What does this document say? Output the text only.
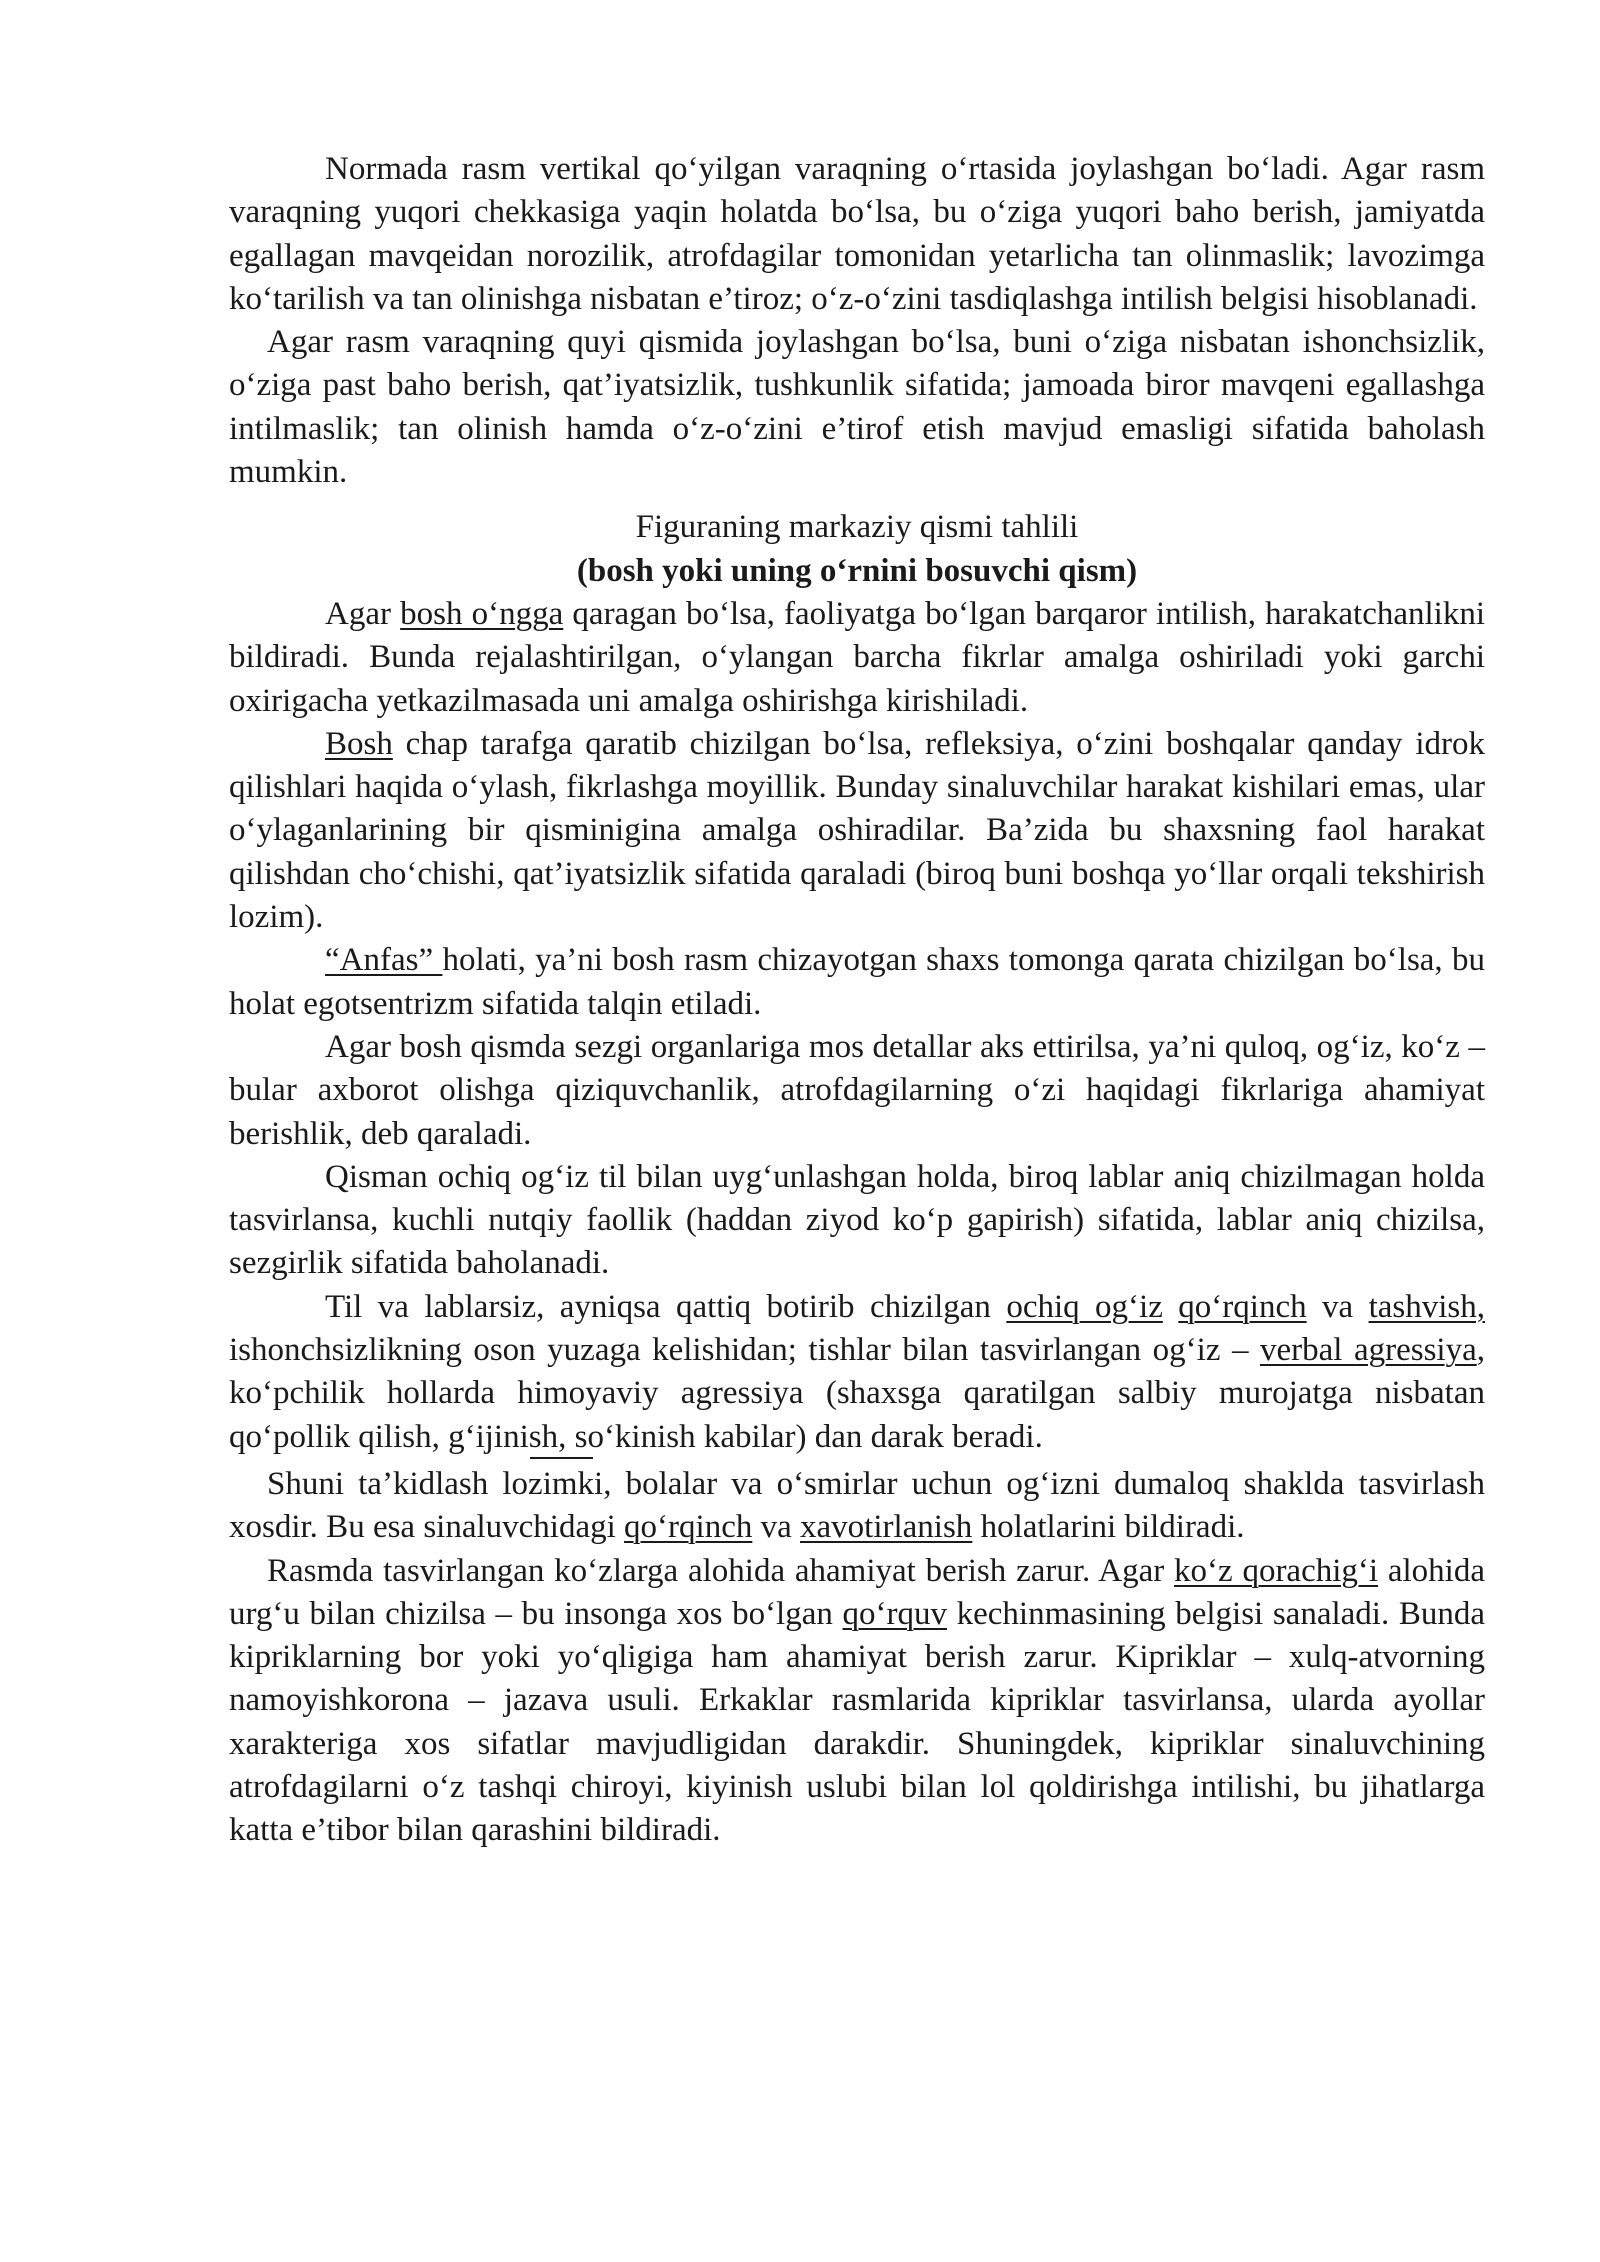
Normada rasm vertikal qo‘yilgan varaqning o‘rtasida joylashgan bo‘ladi. Agar rasm varaqning yuqori chekkasiga yaqin holatda bo‘lsa, bu o‘ziga yuqori baho berish, jamiyatda egallagan mavqeidan norozilik, atrofdagilar tomonidan yetarlicha tan olinmaslik; lavozimga ko‘tarilish va tan olinishga nisbatan e’tiroz; o‘z-o‘zini tasdiqlashga intilish belgisi hisoblanadi.

Agar rasm varaqning quyi qismida joylashgan bo‘lsa, buni o‘ziga nisbatan ishonchsizlik, o‘ziga past baho berish, qat’iyatsizlik, tushkunlik sifatida; jamoada biror mavqeni egallashga intilmaslik; tan olinish hamda o‘z-o‘zini e’tirof etish mavjud emasligi sifatida baholash mumkin.

Figuraning markaziy qismi tahlili

(bosh yoki uning o‘rnini bosuvchi qism)

Agar bosh o‘ngga qaragan bo‘lsa, faoliyatga bo‘lgan barqaror intilish, harakatchanlikni bildiradi. Bunda rejalashtirilgan, o‘ylangan barcha fikrlar amalga oshiriladi yoki garchi oxirigacha yetkazilmasada uni amalga oshirishga kirishiladi.

Bosh chap tarafga qaratib chizilgan bo‘lsa, refleksiya, o‘zini boshqalar qanday idrok qilishlari haqida o‘ylash, fikrlashga moyillik. Bunday sinaluvchilar harakat kishilari emas, ular o‘ylaganlarining bir qisminigina amalga oshiradilar. Ba’zida bu shaxsning faol harakat qilishdan cho‘chishi, qat’iyatsizlik sifatida qaraladi (biroq buni boshqa yo‘llar orqali tekshirish lozim).

“Anfas” holati, ya’ni bosh rasm chizayotgan shaxs tomonga qarata chizilgan bo‘lsa, bu holat egotsentrizm sifatida talqin etiladi.

Agar bosh qismda sezgi organlariga mos detallar aks ettirilsa, ya’ni quloq, og‘iz, ko‘z – bular axborot olishga qiziquvchanlik, atrofdagilarning o‘zi haqidagi fikrlariga ahamiyat berishlik, deb qaraladi.

Qisman ochiq og‘iz til bilan uyg‘unlashgan holda, biroq lablar aniq chizilmagan holda tasvirlansa, kuchli nutqiy faollik (haddan ziyod ko‘p gapirish) sifatida, lablar aniq chizilsa, sezgirlik sifatida baholanadi.

Til va lablarsiz, ayniqsa qattiq botirib chizilgan ochiq og‘iz qo‘rqinch va tashvish, ishonchsizlikning oson yuzaga kelishidan; tishlar bilan tasvirlangan og‘iz – verbal agressiya, ko‘pchilik hollarda himoyaviy agressiya (shaxsga qaratilgan salbiy murojatga nisbatan qo‘pollik qilish, g‘ijinish, so‘kinish kabilar) dan darak beradi.

Shuni ta’kidlash lozimki, bolalar va o‘smirlar uchun og‘izni dumaloq shaklda tasvirlash xosdir. Bu esa sinaluvchidagi qo‘rqinch va xavotirlanish holatlarini bildiradi.

Rasmda tasvirlangan ko‘zlarga alohida ahamiyat berish zarur. Agar ko‘z qorachig‘i alohida urg‘u bilan chizilsa – bu insonga xos bo‘lgan qo‘rquv kechinmasining belgisi sanaladi. Bunda kipriklarning bor yoki yo‘qligiga ham ahamiyat berish zarur. Kipriklar – xulq-atvorning namoyishkorona – jazava usuli. Erkaklar rasmlarida kipriklar tasvirlansa, ularda ayollar xarakteriga xos sifatlar mavjudligidan darakdir. Shuningdek, kipriklar sinaluvchining atrofdagilarni o‘z tashqi chiroyi, kiyinish uslubi bilan lol qoldirishga intilishi, bu jihatlarga katta e’tibor bilan qarashini bildiradi.
